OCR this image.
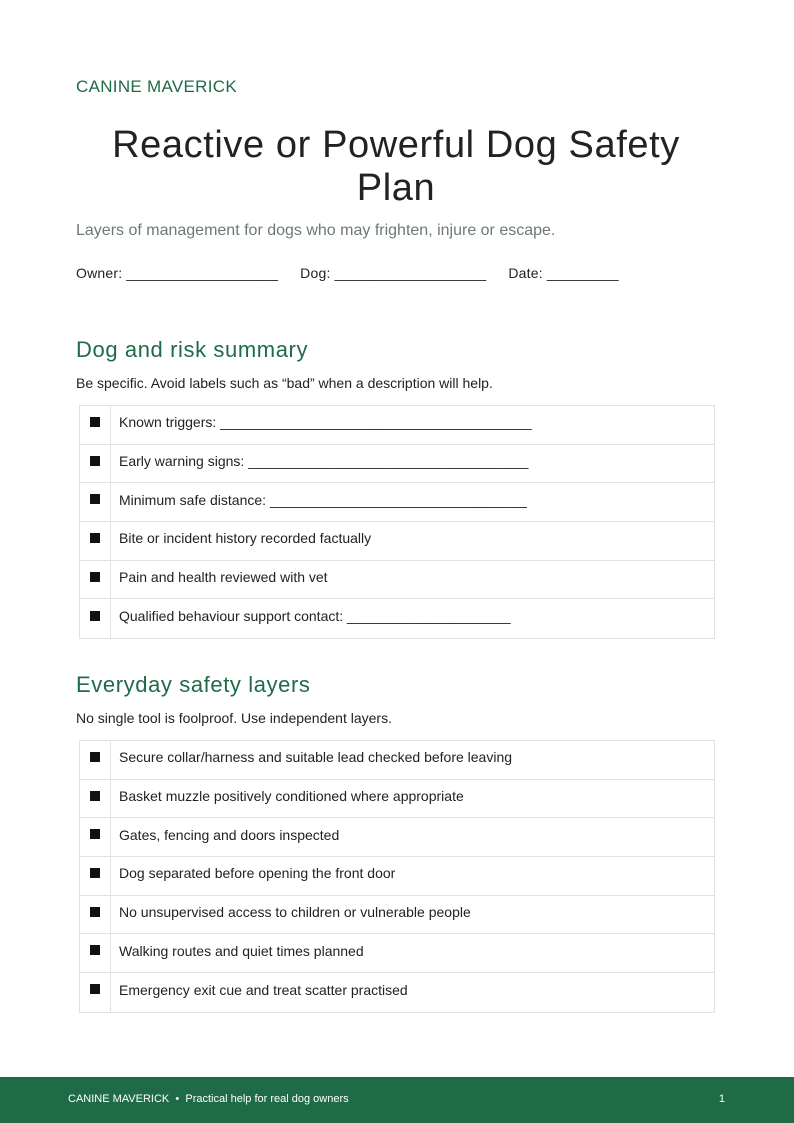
CANINE MAVERICK
Reactive or Powerful Dog Safety Plan
Layers of management for dogs who may frighten, injure or escape.
Owner: ___________________ Dog: ___________________ Date: _________
Dog and risk summary
Be specific. Avoid labels such as “bad” when a description will help.
Known triggers: ________________________________________
Early warning signs: ____________________________________
Minimum safe distance: _________________________________
Bite or incident history recorded factually
Pain and health reviewed with vet
Qualified behaviour support contact: _____________________
Everyday safety layers
No single tool is foolproof. Use independent layers.
Secure collar/harness and suitable lead checked before leaving
Basket muzzle positively conditioned where appropriate
Gates, fencing and doors inspected
Dog separated before opening the front door
No unsupervised access to children or vulnerable people
Walking routes and quiet times planned
Emergency exit cue and treat scatter practised
CANINE MAVERICK • Practical help for real dog owners	1
